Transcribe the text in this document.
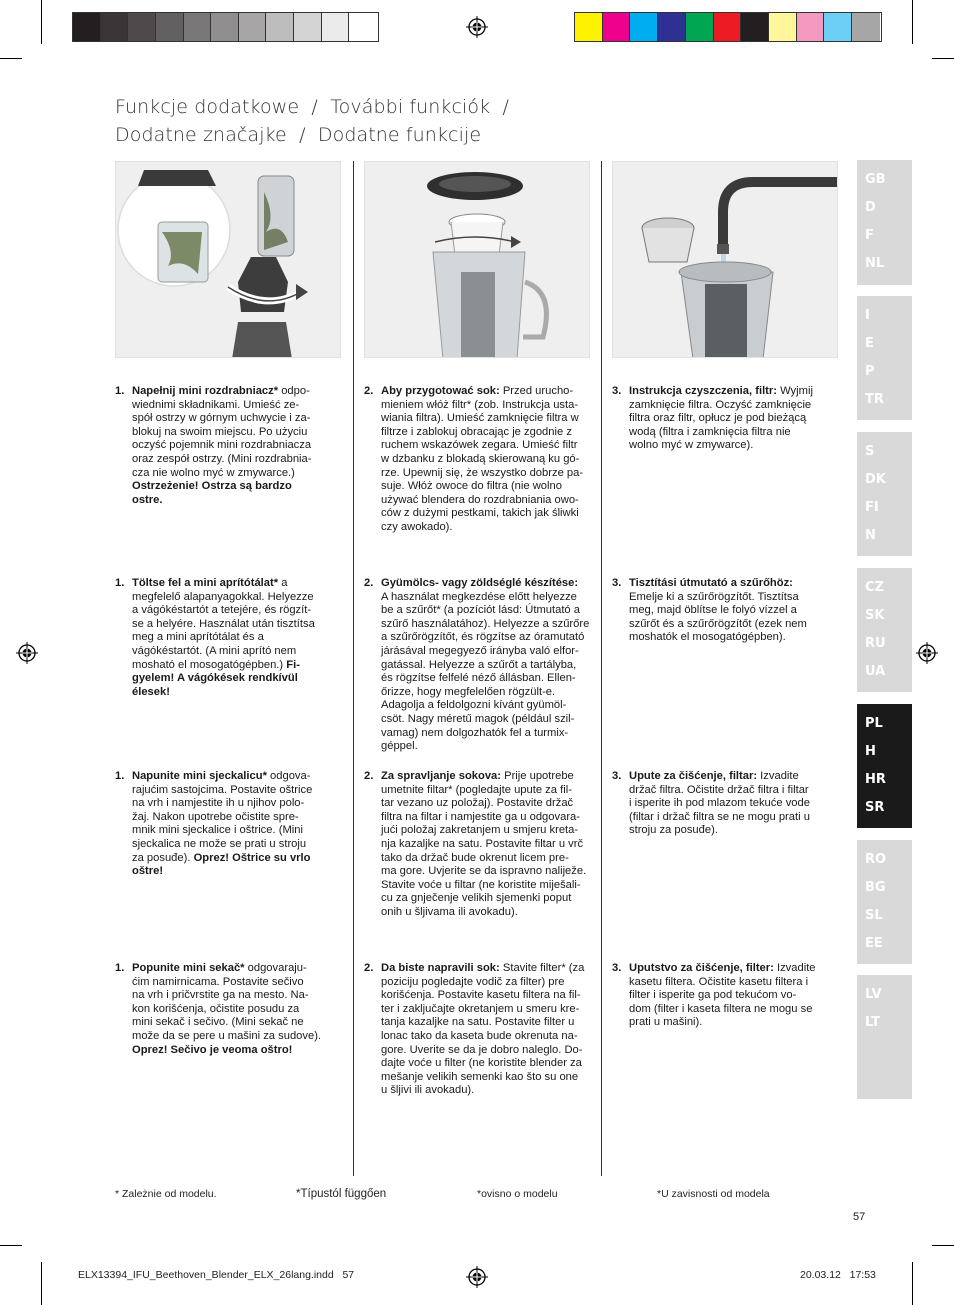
Funkcje dodatkowe  /  További funkciók  /
Dodatne značajke  /  Dodatne funkcije
1. Napełnij mini rozdrabniacz* odpo-
wiednimi składnikami. Umieść ze-
spół ostrzy w górnym uchwycie i za-
blokuj na swoim miejscu. Po użyciu
oczyść pojemnik mini rozdrabniacza
oraz zespół ostrzy. (Mini rozdrabnia-
cza nie wolno myć w zmywarce.)
Ostrzeżenie! Ostrza są bardzo
ostre.
2. Aby przygotować sok: Przed urucho-
mieniem włóż filtr* (zob. Instrukcja usta-
wiania filtra). Umieść zamknięcie filtra w
filtrze i zablokuj obracając je zgodnie z
ruchem wskazówek zegara. Umieść filtr
w dzbanku z blokadą skierowaną ku gó-
rze. Upewnij się, że wszystko dobrze pa-
suje. Włóż owoce do filtra (nie wolno
używać blendera do rozdrabniania owo-
ców z dużymi pestkami, takich jak śliwki
czy awokado).
3. Instrukcja czyszczenia, filtr: Wyjmij
zamknięcie filtra. Oczyść zamknięcie
filtra oraz filtr, opłucz je pod bieżącą
wodą (filtra i zamknięcia filtra nie
wolno myć w zmywarce).
1. Töltse fel a mini aprítótálat* a
megfelelő alapanyagokkal. Helyezze
a vágókéstartót a tetejére, és rögzít-
se a helyére. Használat után tisztítsa
meg a mini aprítótálat és a
vágókéstartót. (A mini aprító nem
mosható el mosogatógépben.) Fi-
gyelem! A vágókések rendkívül
élesek!
2. Gyümölcs- vagy zöldséglé készítése:
A használat megkezdése előtt helyezze
be a szűrőt* (a pozíciót lásd: Útmutató a
szűrő használatához). Helyezze a szűrőre
a szűrőrögzítőt, és rögzítse az óramutató
járásával megegyező irányba való elfor-
gatással. Helyezze a szűrőt a tartályba,
és rögzítse felfelé néző állásban. Ellen-
őrizze, hogy megfelelően rögzült-e.
Adagolja a feldolgozni kívánt gyümöl-
csöt. Nagy méretű magok (például szil-
vamag) nem dolgozhatók fel a turmix-
géppel.
3. Tisztítási útmutató a szűrőhöz:
Emelje ki a szűrőrögzítőt. Tisztítsa
meg, majd öblítse le folyó vízzel a
szűrőt és a szűrőrögzítőt (ezek nem
moshatók el mosogatógépben).
1. Napunite mini sjeckalicu* odgova-
rajućim sastojcima. Postavite oštrice
na vrh i namjestite ih u njihov polo-
žaj. Nakon upotrebe očistite spre-
mnik mini sjeckalice i oštrice. (Mini
sjeckalica ne može se prati u stroju
za posuđe). Oprez! Oštrice su vrlo
oštre!
2. Za spravljanje sokova: Prije upotrebe
umetnite filtar* (pogledajte upute za fil-
tar vezano uz položaj). Postavite držač
filtra na filtar i namjestite ga u odgovara-
jući položaj zakretanjem u smjeru kreta-
nja kazaljke na satu. Postavite filtar u vrč
tako da držač bude okrenut licem pre-
ma gore. Uvjerite se da ispravno naliježe.
Stavite voće u filtar (ne koristite miješali-
cu za gnječenje velikih sjemenki poput
onih u šljivama ili avokadu).
3. Upute za čišćenje, filtar: Izvadite
držač filtra. Očistite držač filtra i filtar
i isperite ih pod mlazom tekuće vode
(filtar i držač filtra se ne mogu prati u
stroju za posuđe).
1. Popunite mini sekač* odgovaraju-
ćim namirnicama. Postavite sečivo
na vrh i pričvrstite ga na mesto. Na-
kon korišćenja, očistite posudu za
mini sekač i sečivo. (Mini sekač ne
može da se pere u mašini za sudove).
Oprez! Sečivo je veoma oštro!
2. Da biste napravili sok: Stavite filter* (za
poziciju pogledajte vodič za filter) pre
korišćenja. Postavite kasetu filtera na fil-
ter i zaključajte okretanjem u smeru kre-
tanja kazaljke na satu. Postavite filter u
lonac tako da kaseta bude okrenuta na-
gore. Uverite se da je dobro naleglo. Do-
dajte voće u filter (ne koristite blender za
mešanje velikih semenki kao što su one
u šljivi ili avokadu).
3. Uputstvo za čišćenje, filter: Izvadite
kasetu filtera. Očistite kasetu filtera i
filter i isperite ga pod tekućom vo-
dom (filter i kaseta filtera ne mogu se
prati u mašini).
* Zależnie od modelu.	*Típustól függően	*ovisno o modelu	*U zavisnosti od modela
GB
D
F
NL
I
E
P
TR
S
DK
FI
N
CZ
SK
RU
UA
PL
H
HR
SR
RO
BG
SL
EE
LV
LT
57
ELX13394_IFU_Beethoven_Blender_ELX_26lang.indd   57	20.03.12   17:53
